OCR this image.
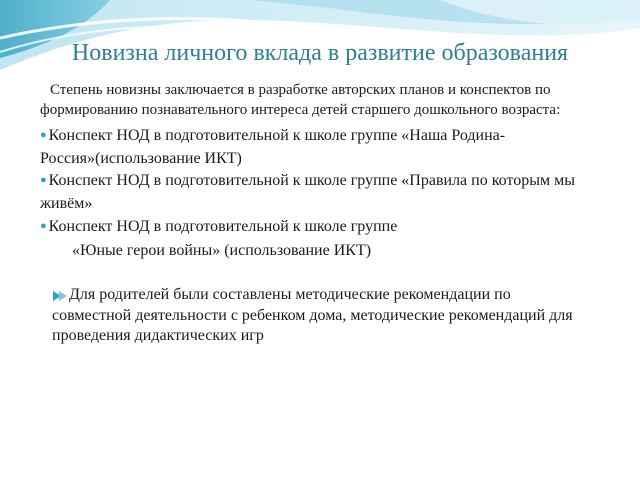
Новизна личного вклада в развитие образования
Степень новизны заключается в разработке авторских планов и конспектов по формированию познавательного интереса детей старшего дошкольного возраста:
● Конспект НОД в подготовительной к школе группе «Наша Родина-Россия»(использование ИКТ)
● Конспект НОД в подготовительной к школе группе «Правила по которым мы живём»
● Конспект НОД в подготовительной к школе группе
«Юные герои войны» (использование ИКТ)
Для родителей были составлены методические рекомендации по совместной деятельности с ребенком дома, методические рекомендаций для проведения дидактических игр
